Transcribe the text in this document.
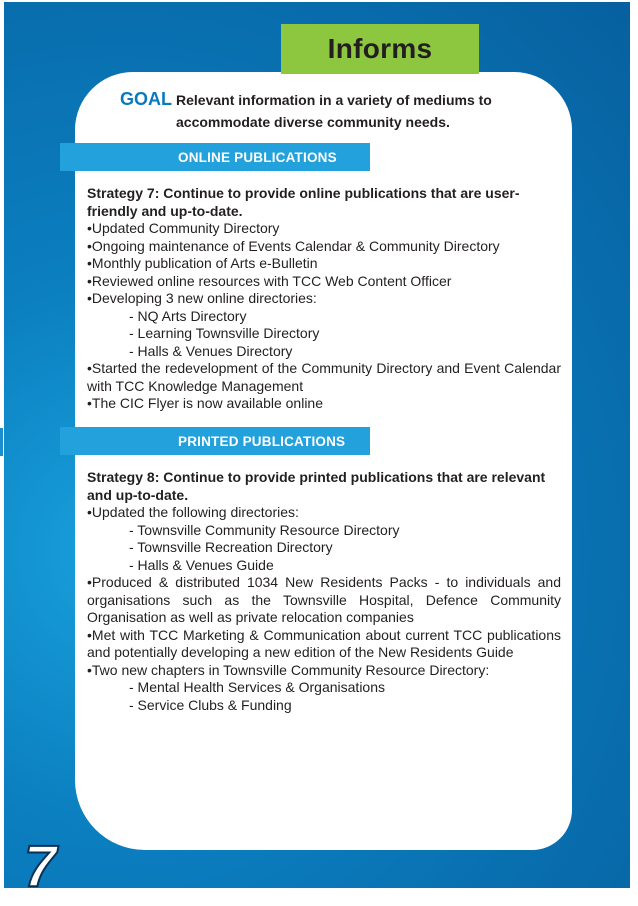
Informs
GOAL Relevant information in a variety of mediums to
accommodate diverse community needs.
ONLINE PUBLICATIONS

Strategy 7: Continue to provide online publications that are user-friendly and up-to-date.

•Updated Community Directory

•Ongoing maintenance of Events Calendar & Community Directory

•Monthly publication of Arts e-Bulletin

•Reviewed online resources with TCC Web Content Officer

•Developing 3 new online directories:

- NQ Arts Directory

- Learning Townsville Directory

- Halls & Venues Directory

•Started the redevelopment of the Community Directory and Event Calendar with TCC Knowledge Management

•The CIC Flyer is now available online

PRINTED PUBLICATIONS

Strategy 8: Continue to provide printed publications that are relevant and up-to-date.

•Updated the following directories:

- Townsville Community Resource Directory

- Townsville Recreation Directory

- Halls & Venues Guide

•Produced & distributed 1034 New Residents Packs - to individuals and organisations such as the Townsville Hospital, Defence Community Organisation as well as private relocation companies

•Met with TCC Marketing & Communication about current TCC publications and potentially developing a new edition of the New Residents Guide

•Two new chapters in Townsville Community Resource Directory:

- Mental Health Services & Organisations

- Service Clubs & Funding

7
